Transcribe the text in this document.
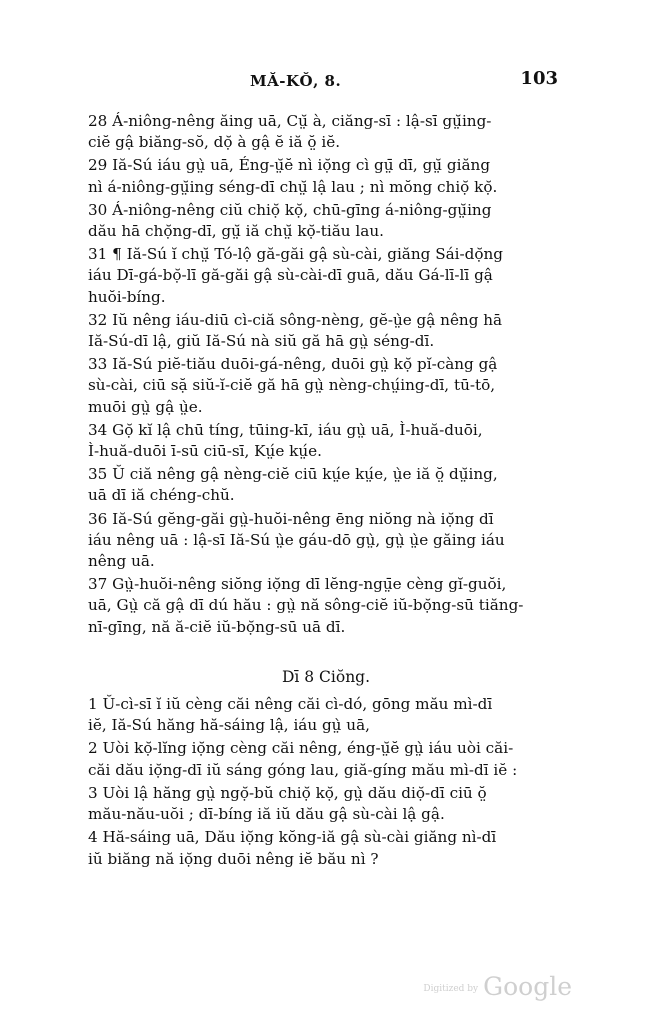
MĂ-KŎ, 8.	103
28 Á-niông-nêng ăing uā, Cṳ̆ à, ciăng-sī : lậ-sī gṳ̆ing-
ciĕ gậ biăng-sŏ, dọ̆ à gậ ĕ iă ŏ̤ iĕ.
29 Iă-Sú iáu gṳ̀ uā, Éng-ṳ̆ĕ nì iọ̆ng cì gṳ̄ dī, gṳ̆ giăng
nì á-niông-gṳ̆ing séng-dī chṳ̆ lậ lau ; nì mŏng chiọ̆ kọ̆.
30 Á-niông-nêng ciŭ chiọ̆ kọ̆, chū-gīng á-niông-gṳ̆ing
dău hā chọ̆ng-dī, gṳ̆ iă chṳ̆ kọ̆-tiău lau.
31 ¶ Iă-Sú ĭ chṳ̆ Tó-lộ gă-găi gậ sù-cài, giăng Sái-dọ̆ng
iáu Dī-gá-bọ̆-lī gă-găi gậ sù-cài-dī guā, dău Gá-lī-lī gậ
huŏi-bíng.
32 Iŭ nêng iáu-diū cì-ciă sông-nèng, gĕ-ṳ̀e gậ nêng hā
Iă-Sú-dī lậ, giŭ Iă-Sú nà siŭ gă hā gṳ̀ séng-dī.
33 Iă-Sú piĕ-tiău duōi-gá-nêng, duōi gṳ̀ kọ̆ pĭ-càng gậ
sù-cài, ciū sặ siŭ-ĭ-ciĕ gă hā gṳ̀ nèng-chṳ́ing-dī, tū-tō,
muōi gṳ̀ gậ ṳ̀e.
34 Gọ̆ kĭ lậ chū tíng, tūing-kī, iáu gṳ̀ uā, Ì-huă-duōi,
Ì-huă-duōi ī-sū ciū-sī, Kṳ́e kṳ́e.
35 Ŭ ciă nêng gậ nèng-ciĕ ciū kṳ́e kṳ́e, ṳ̀e iă ŏ̤ dṳ̆ing,
uā dī iă chéng-chŭ.
36 Iă-Sú gĕng-găi gṳ̀-huŏi-nêng ēng niŏng nà iọ̆ng dī
iáu nêng uā : lậ-sī Iă-Sú ṳ̀e gáu-dō gṳ̀, gṳ̀ ṳ̀e găing iáu
nêng uā.
37 Gṳ̀-huŏi-nêng siŏng iọ̆ng dī lĕng-ngṳ̄e cèng gĭ-guŏi,
uā, Gṳ̀ că gậ dī dú hău : gṳ̀ nă sông-ciĕ iŭ-bọ̆ng-sū tiăng-
nī-gīng, nă ă-ciĕ iŭ-bọ̆ng-sū uā dī.
Dī 8 Ciŏng.
1 Ŭ-cì-sī ĭ iŭ cèng căi nêng căi cì-dó, gōng mău mì-dī
iĕ, Iă-Sú hăng hă-sáing lậ, iáu gṳ̀ uā,
2 Uòi kọ̆-lĭng iọ̆ng cèng căi nêng, éng-ṳ̆ĕ gṳ̀ iáu uòi căi-
căi dău iọ̆ng-dī iŭ sáng góng lau, giă-gíng mău mì-dī iĕ :
3 Uòi lậ hăng gṳ̀ ngọ̆-bŭ chiọ̆ kọ̆, gṳ̀ dău diọ̆-dī ciū ŏ̤
mău-nău-uŏi ; dī-bíng iă iŭ dău gậ sù-cài lậ gậ.
4 Hă-sáing uā, Dău iọ̆ng kŏng-iă gậ sù-cài giăng nì-dī
iŭ biăng nă iọ̆ng duōi nêng iĕ bău nì ?
Digitized by Google
